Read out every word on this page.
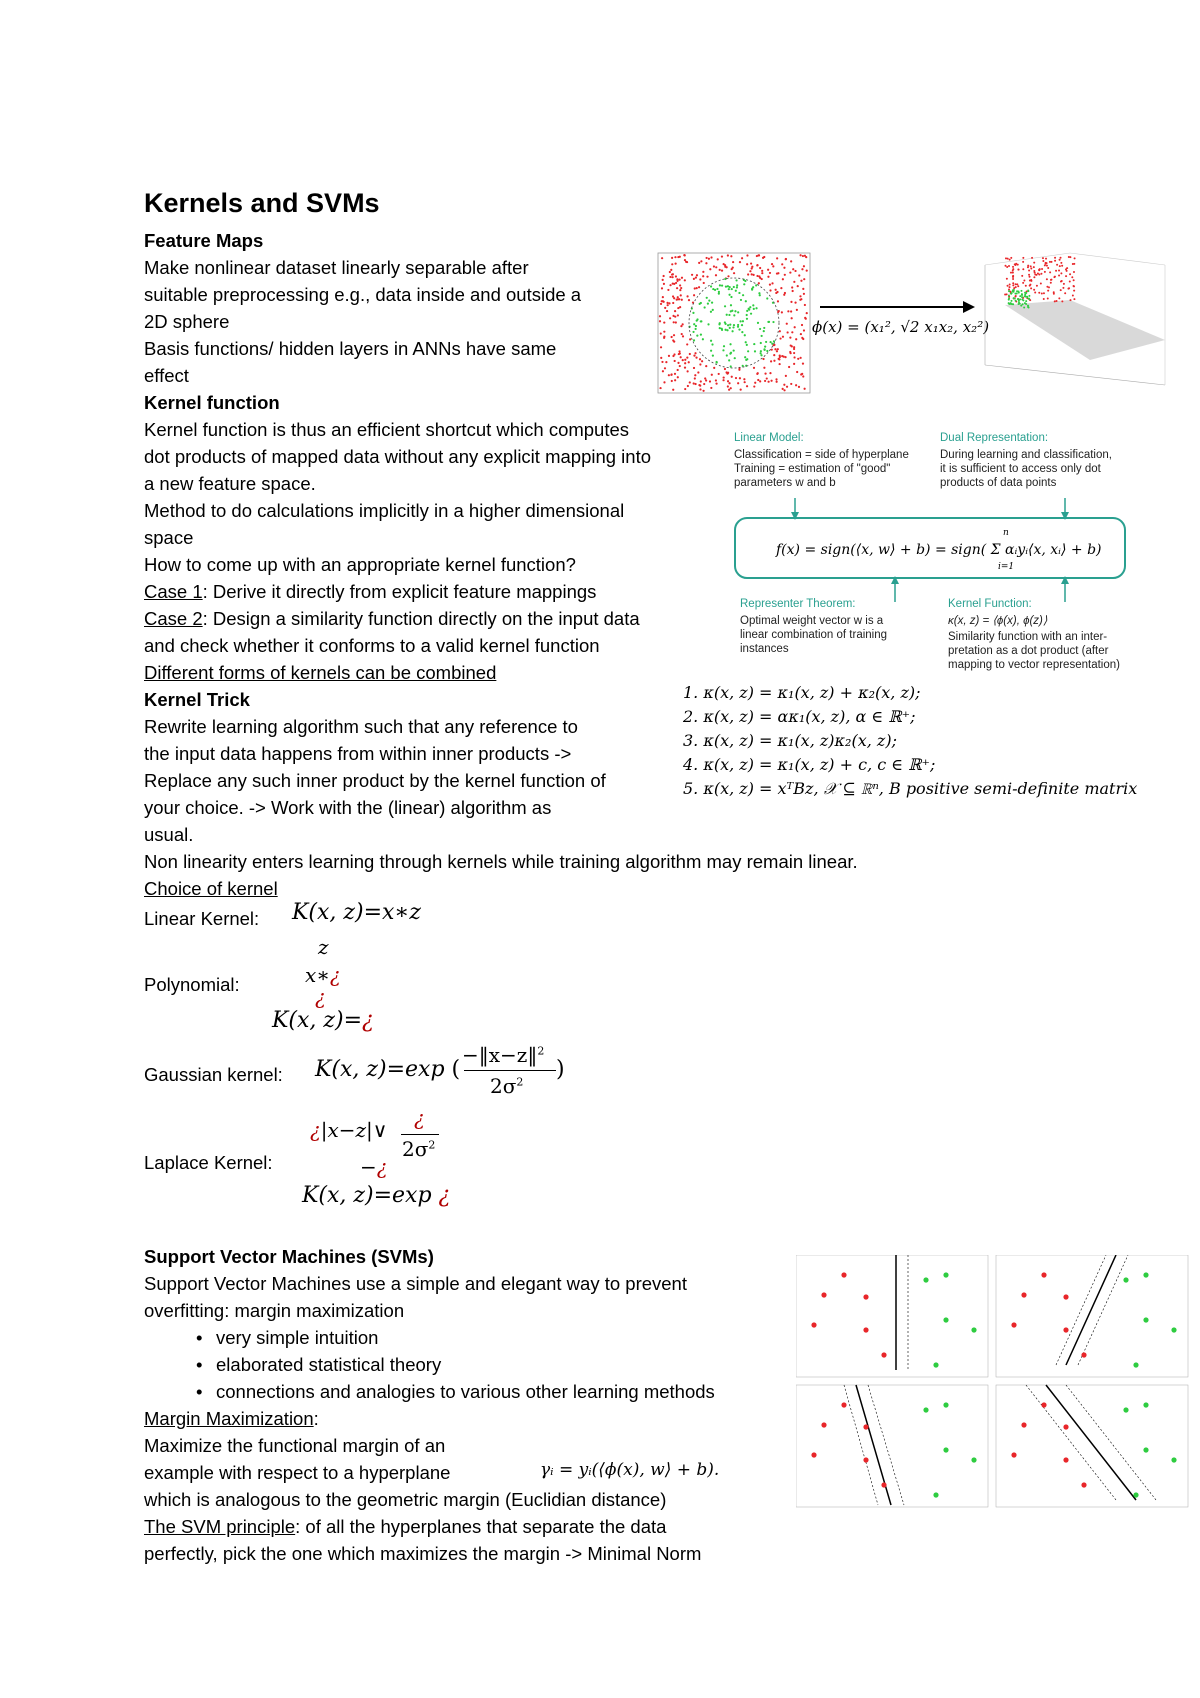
Kernels and SVMs
Feature Maps
Make nonlinear dataset linearly separable after
suitable preprocessing e.g., data inside and outside a
2D sphere
Basis functions/ hidden layers in ANNs have same
effect
ϕ(x) = (x₁², √2 x₁x₂, x₂²)
Kernel function
Kernel function is thus an efficient shortcut which computes
dot products of mapped data without any explicit mapping into
a new feature space.
Method to do calculations implicitly in a higher dimensional
space
How to come up with an appropriate kernel function?
Case 1: Derive it directly from explicit feature mappings
Case 2: Design a similarity function directly on the input data
and check whether it conforms to a valid kernel function
Different forms of kernels can be combined
Linear Model:
Classification = side of hyperplane
Training = estimation of "good"
parameters w and b
Dual Representation:
During learning and classification,
it is sufficient to access only dot
products of data points
f(x) = sign(⟨x, w⟩ + b) = sign( Σ αᵢyᵢ⟨x, xᵢ⟩ + b)
n
i=1
Representer Theorem:
Optimal weight vector w is a
linear combination of training
instances
Kernel Function:
κ(x, z) = ⟨ϕ(x), ϕ(z)⟩
Similarity function with an inter-
pretation as a dot product (after
mapping to vector representation)
1. κ(x, z) = κ₁(x, z) + κ₂(x, z);
2. κ(x, z) = ακ₁(x, z), α ∈ ℝ⁺;
3. κ(x, z) = κ₁(x, z)κ₂(x, z);
4. κ(x, z) = κ₁(x, z) + c, c ∈ ℝ⁺;
5. κ(x, z) = xᵀBz, 𝒳 ⊆ ℝⁿ, B positive semi-definite matrix
Kernel Trick
Rewrite learning algorithm such that any reference to
the input data happens from within inner products ->
Replace any such inner product by the kernel function of
your choice. -> Work with the (linear) algorithm as
usual.
Non linearity enters learning through kernels while training algorithm may remain linear.
Choice of kernel
Linear Kernel: K(x, z)=x∗z
z
x∗¿
¿
Polynomial:
K(x, z)=¿
Gaussian kernel: K(x, z)=exp (
−‖x−z‖$^2$
$2\sigma^2$ )
¿|x−z|∨ ¿
$2\sigma^2$
Laplace Kernel:	−¿
K(x, z)=exp ¿
Support Vector Machines (SVMs)
Support Vector Machines use a simple and elegant way to prevent
overfitting: margin maximization
• very simple intuition
• elaborated statistical theory
• connections and analogies to various other learning methods
Margin Maximization:
Maximize the functional margin of an
example with respect to a hyperplane	γᵢ = yᵢ(⟨ϕ(x), w⟩ + b).
which is analogous to the geometric margin (Euclidian distance)
The SVM principle: of all the hyperplanes that separate the data
perfectly, pick the one which maximizes the margin -> Minimal Norm
